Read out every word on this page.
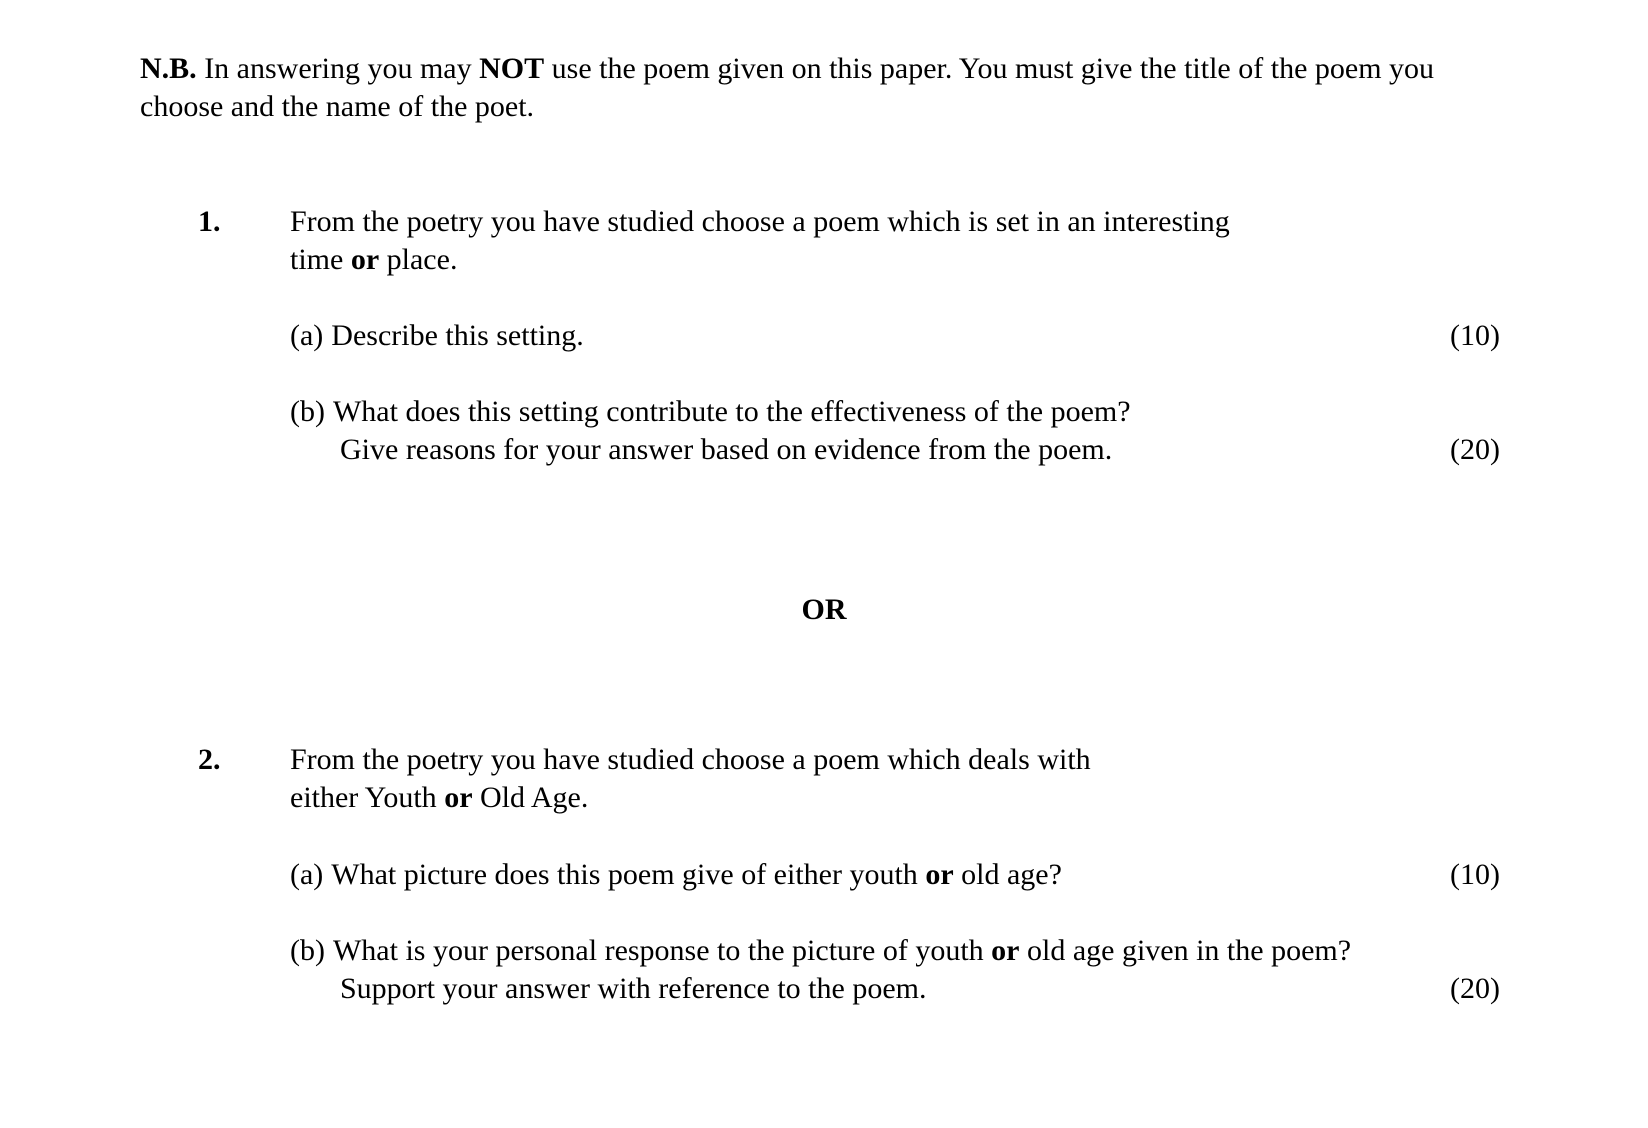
N.B. In answering you may NOT use the poem given on this paper. You must give the title of the poem you choose and the name of the poet.
1. From the poetry you have studied choose a poem which is set in an interesting
time or place.
(a) Describe this setting.	(10)
(b) What does this setting contribute to the effectiveness of the poem?
Give reasons for your answer based on evidence from the poem.	(20)
OR
2. From the poetry you have studied choose a poem which deals with
either Youth or Old Age.
(a) What picture does this poem give of either youth or old age?	(10)
(b) What is your personal response to the picture of youth or old age given in the poem?
Support your answer with reference to the poem.	(20)
